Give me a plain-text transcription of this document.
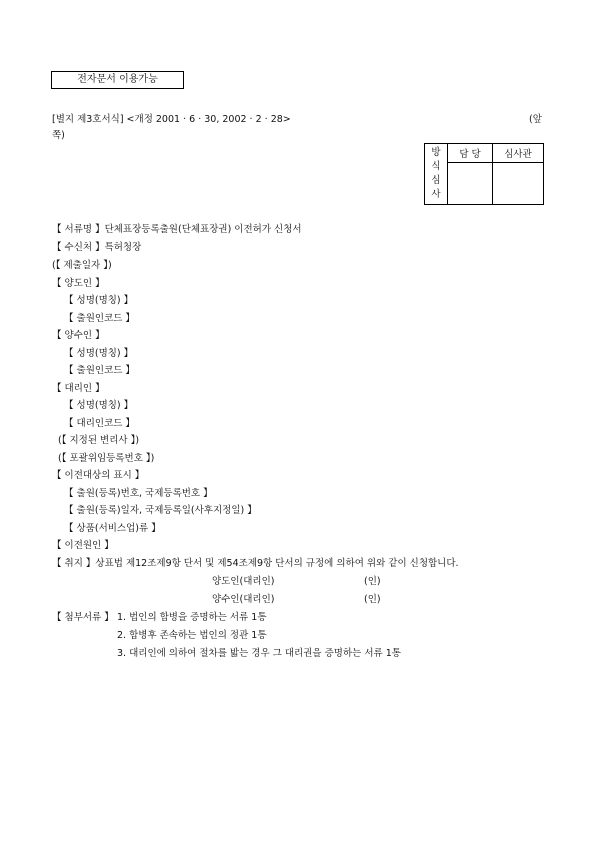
전자문서 이용가능
[별지 제3호서식] <개정 2001 · 6 · 30, 2002 · 2 · 28>	(앞
쪽)
방
식
심
사	담 당	심사관

【 서류명 】단체표장등록출원(단체표장권) 이전허가 신청서
【 수신처 】특허청장
(【 제출일자 】)
【 양도인 】
【 성명(명칭) 】
【 출원인코드 】
【 양수인 】
【 성명(명칭) 】
【 출원인코드 】
【 대리인 】
【 성명(명칭) 】
【 대리인코드 】
(【 지정된 변리사 】)
(【 포괄위임등록번호 】)
【 이전대상의 표시 】
【 출원(등록)번호, 국제등록번호 】
【 출원(등록)일자, 국제등록일(사후지정일) 】
【 상품(서비스업)류 】
【 이전원인 】
【 취지 】상표법 제12조제9항 단서 및 제54조제9항 단서의 규정에 의하여 위와 같이 신청합니다.
양도인(대리인)	(인)
양수인(대리인)	(인)
【 첨부서류 】 1. 법인의 합병을 증명하는 서류 1통
2. 합병후 존속하는 법인의 정관 1통
3. 대리인에 의하여 절차를 밟는 경우 그 대리권을 증명하는 서류 1통
